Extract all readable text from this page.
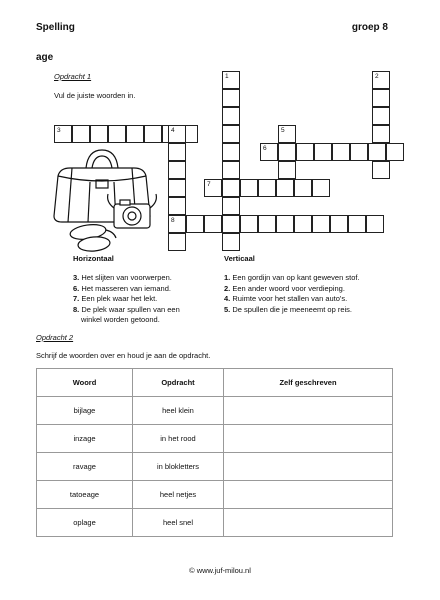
Spelling	groep 8
age
Opdracht 1
Vul de juiste woorden in.
3	4
8
1	2
5
6
7
Horizontaal	Verticaal
3. Het slijten van voorwerpen.
6. Het masseren van iemand.
7. Een plek waar het lekt.
8. De plek waar spullen van een
winkel worden getoond.
1. Een gordijn van op kant geweven stof.
2. Een ander woord voor verdieping.
4. Ruimte voor het stallen van auto's.
5. De spullen die je meeneemt op reis.
Opdracht 2
Schrijf de woorden over en houd je aan de opdracht.
Woord	Opdracht	Zelf geschreven
bijlage	heel klein	
inzage	in het rood	
ravage	in blokletters	
tatoeage	heel netjes	
oplage	heel snel	
© www.juf-milou.nl
